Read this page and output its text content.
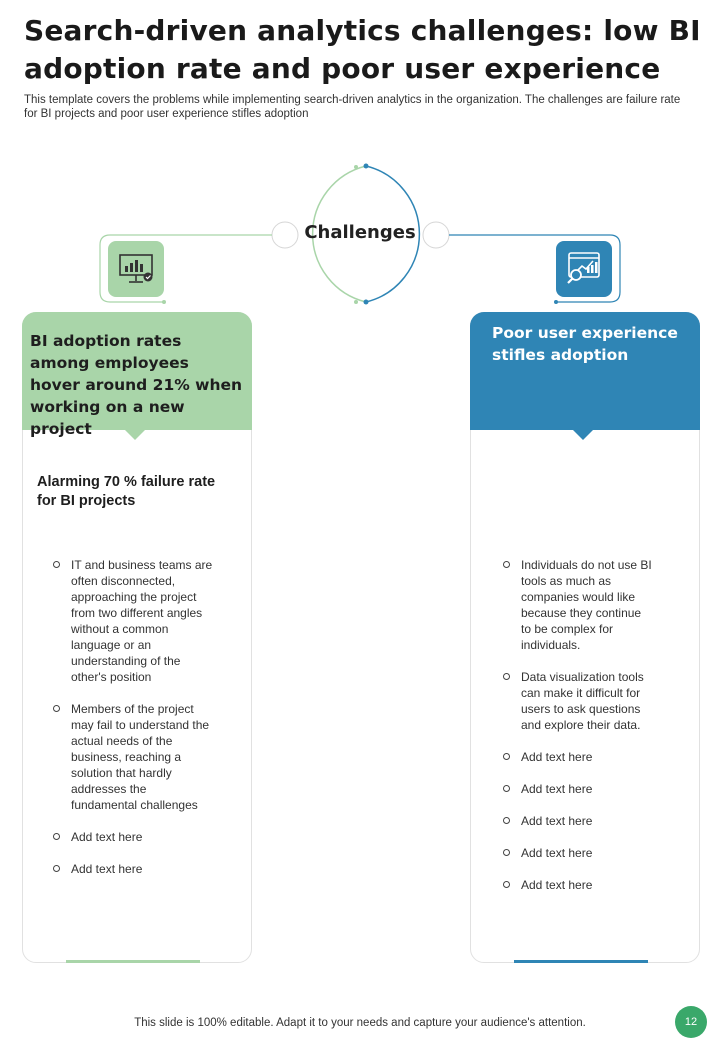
Search-driven analytics challenges: low BI adoption rate and poor user experience

This template covers the problems while implementing search-driven analytics in the organization. The challenges are failure rate for BI projects and poor user experience stifles adoption

Challenges
BI adoption rates among employees hover around 21% when working on a new project
Alarming 70 % failure rate for BI projects
IT and business teams are often disconnected, approaching the project from two different angles without a common language or an understanding of the other's position
Members of the project may fail to understand the actual needs of the business, reaching a solution that hardly addresses the fundamental challenges
Add text here
Add text here
Poor user experience stifles adoption
Individuals do not use BI tools as much as companies would like because they continue to be complex for individuals.
Data visualization tools can make it difficult for users to ask questions and explore their data.
Add text here
Add text here
Add text here
Add text here
Add text here
This slide is 100% editable. Adapt it to your needs and capture your audience's attention.	12
